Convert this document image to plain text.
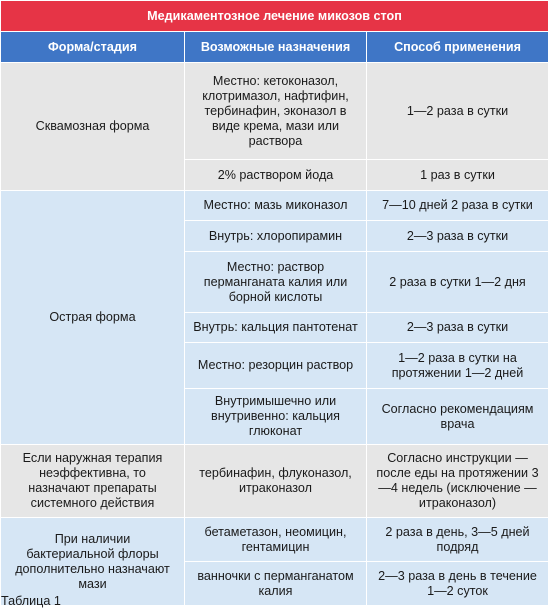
Медикаментозное лечение микозов стоп		
Форма/стадия	Возможные назначения	Способ применения
Сквамозная форма	Местно: кетоконазол, клотримазол, нафтифин, тербинафин, эконазол в виде крема, мази или раствора	1—2 раза в сутки
	2% раствором йода	1 раз в сутки
Острая форма	Местно: мазь миконазол	7—10 дней 2 раза в сутки
	Внутрь: хлоропирамин	2—3 раза в сутки
	Местно: раствор перманганата калия или борной кислоты	2 раза в сутки 1—2 дня
	Внутрь: кальция пантотенат	2—3 раза в сутки
	Местно: резорцин раствор	1—2 раза в сутки на протяжении 1—2 дней
	Внутримышечно или внутривенно: кальция глюконат	Согласно рекомендациям врача
Если наружная терапия неэффективна, то назначают препараты системного действия	тербинафин, флуконазол, итраконазол	Согласно инструкции — после еды на протяжении 3—4 недель (исключение — итраконазол)
При наличии бактериальной флоры дополнительно назначают мази	бетаметазон, неомицин, гентамицин	2 раза в день, 3—5 дней подряд
	ванночки с перманганатом калия	2—3 раза в день в течение 1—2 суток
Таблица 1
